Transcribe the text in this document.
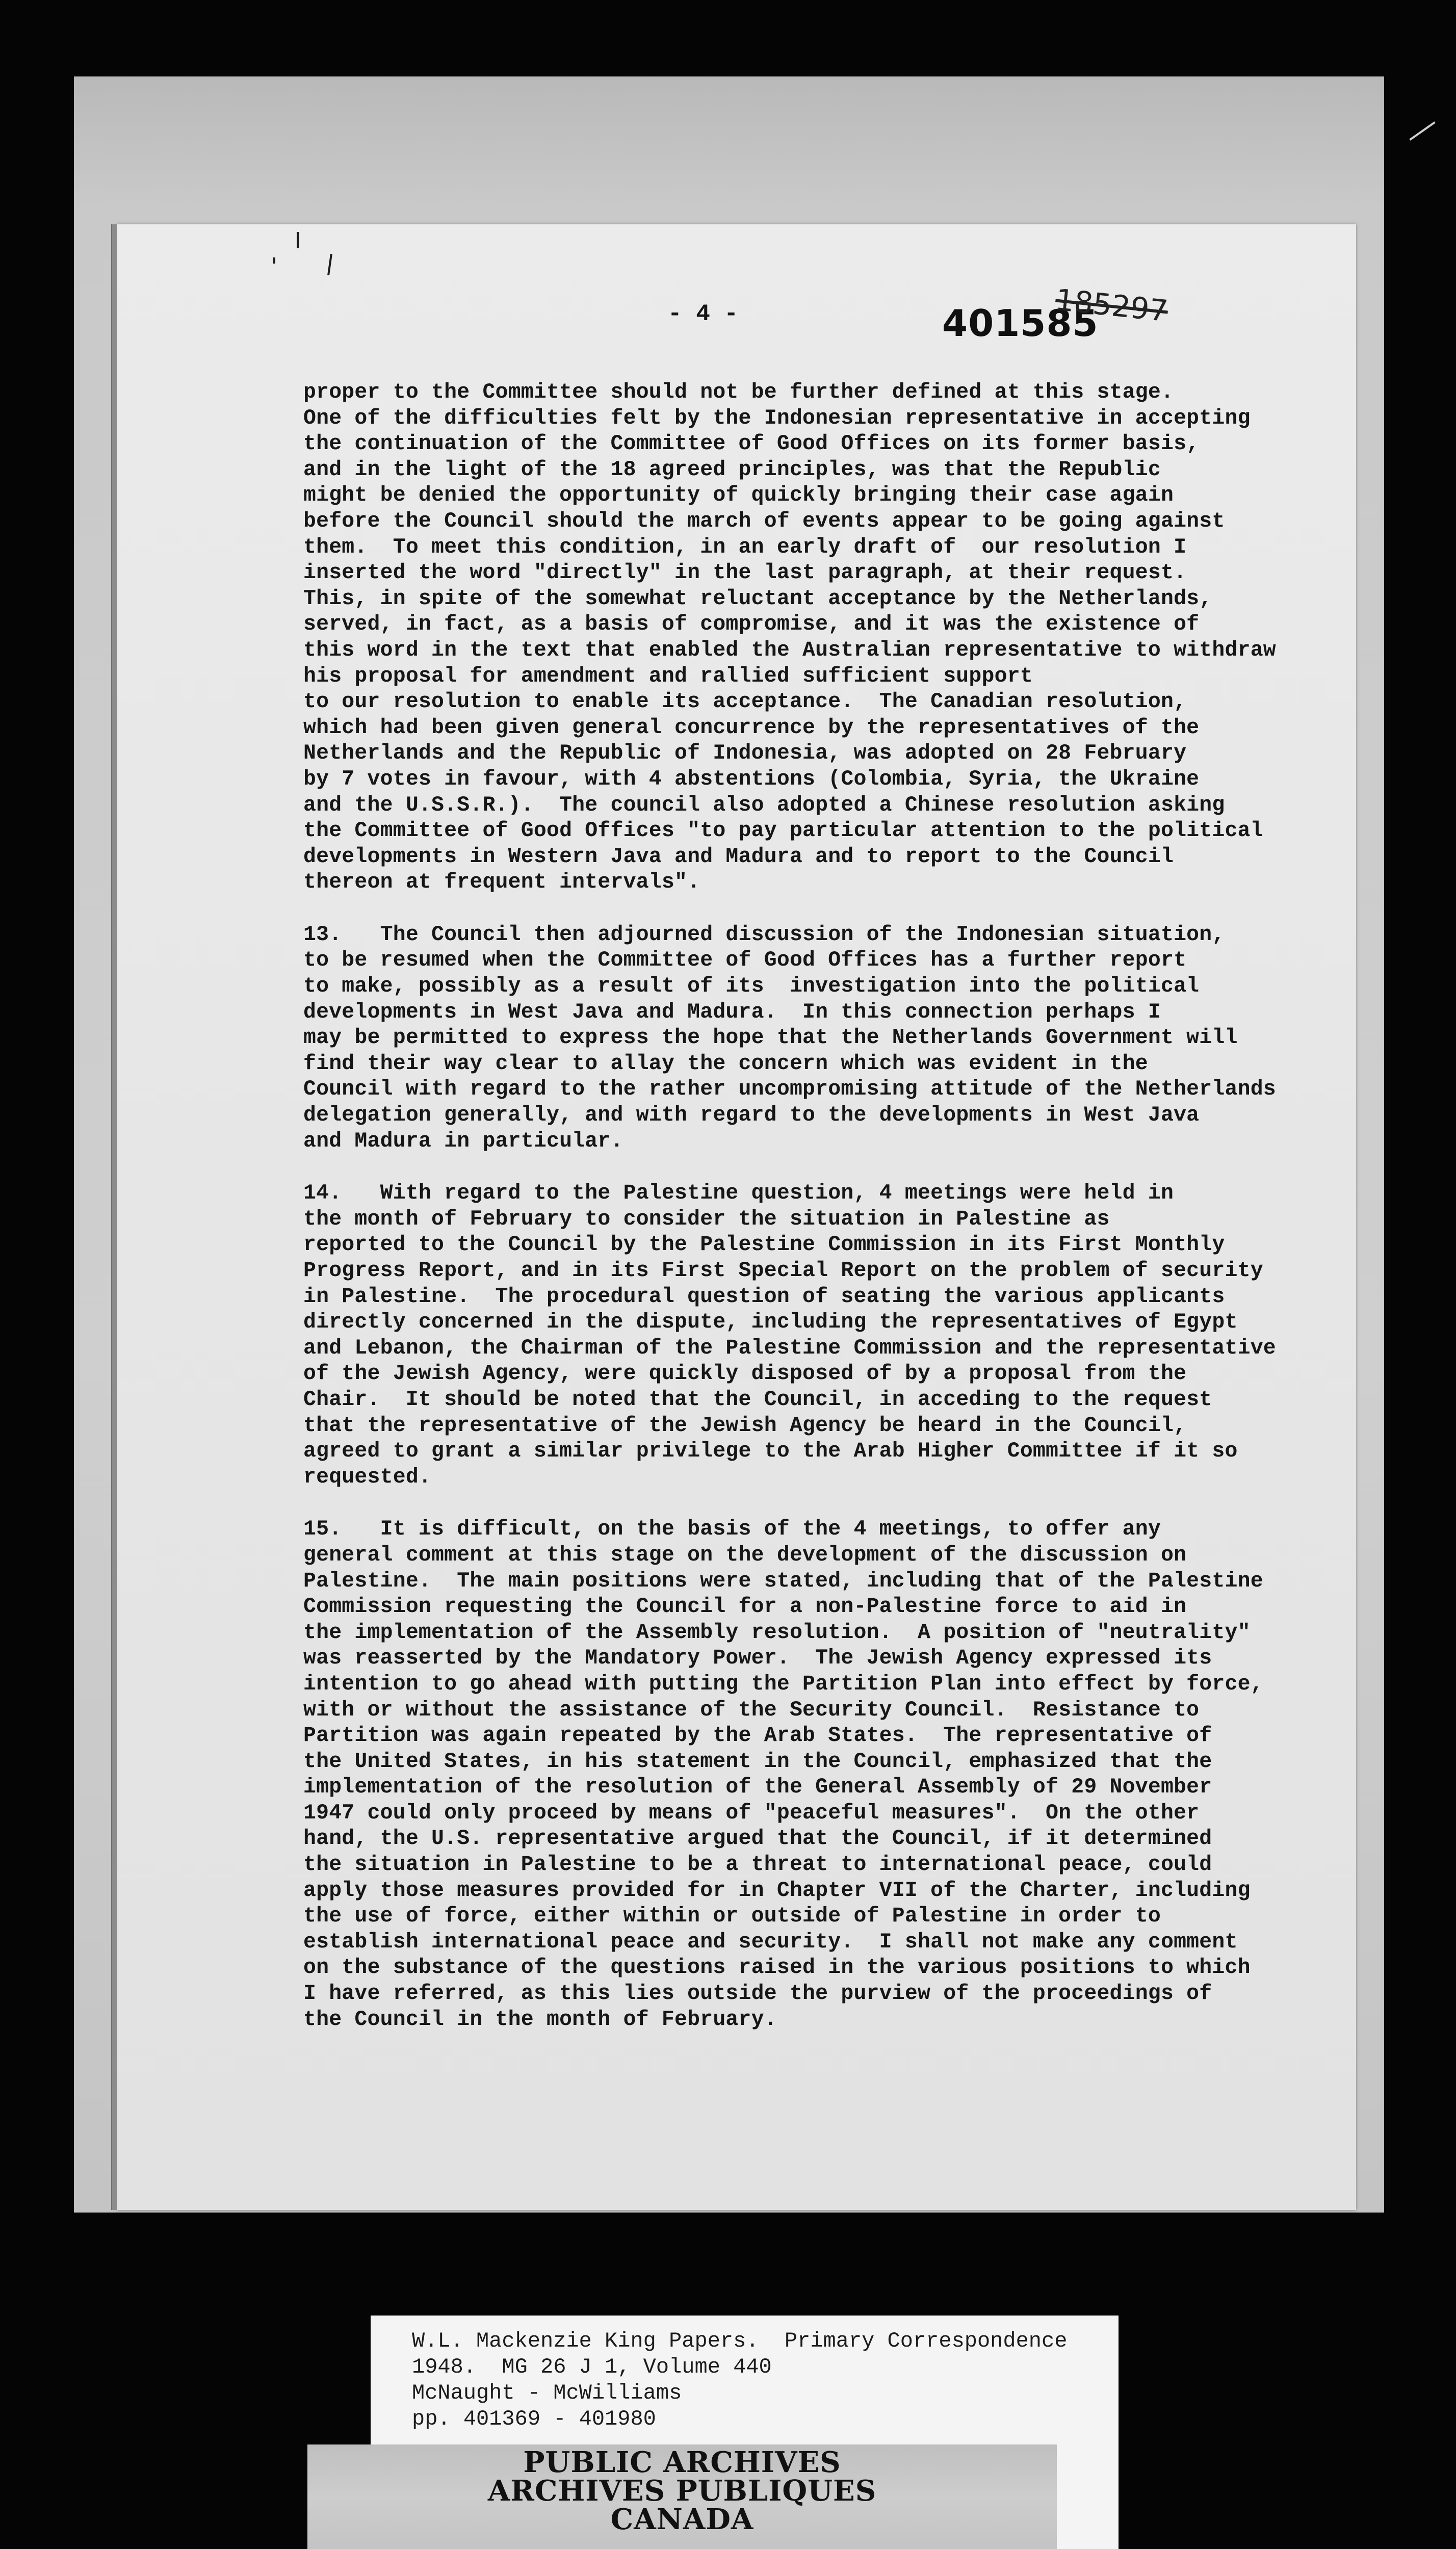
- 4 -	401585
185297
proper to the Committee should not be further defined at this stage.
One of the difficulties felt by the Indonesian representative in accepting
the continuation of the Committee of Good Offices on its former basis,
and in the light of the 18 agreed principles, was that the Republic
might be denied the opportunity of quickly bringing their case again
before the Council should the march of events appear to be going against
them.  To meet this condition, in an early draft of  our resolution I
inserted the word "directly" in the last paragraph, at their request.
This, in spite of the somewhat reluctant acceptance by the Netherlands,
served, in fact, as a basis of compromise, and it was the existence of
this word in the text that enabled the Australian representative to withdraw
his proposal for amendment and rallied sufficient support
to our resolution to enable its acceptance.  The Canadian resolution,
which had been given general concurrence by the representatives of the
Netherlands and the Republic of Indonesia, was adopted on 28 February
by 7 votes in favour, with 4 abstentions (Colombia, Syria, the Ukraine
and the U.S.S.R.).  The council also adopted a Chinese resolution asking
the Committee of Good Offices "to pay particular attention to the political
developments in Western Java and Madura and to report to the Council
thereon at frequent intervals".
13.   The Council then adjourned discussion of the Indonesian situation,
to be resumed when the Committee of Good Offices has a further report
to make, possibly as a result of its  investigation into the political
developments in West Java and Madura.  In this connection perhaps I
may be permitted to express the hope that the Netherlands Government will
find their way clear to allay the concern which was evident in the
Council with regard to the rather uncompromising attitude of the Netherlands
delegation generally, and with regard to the developments in West Java
and Madura in particular.
14.   With regard to the Palestine question, 4 meetings were held in
the month of February to consider the situation in Palestine as
reported to the Council by the Palestine Commission in its First Monthly
Progress Report, and in its First Special Report on the problem of security
in Palestine.  The procedural question of seating the various applicants
directly concerned in the dispute, including the representatives of Egypt
and Lebanon, the Chairman of the Palestine Commission and the representative
of the Jewish Agency, were quickly disposed of by a proposal from the
Chair.  It should be noted that the Council, in acceding to the request
that the representative of the Jewish Agency be heard in the Council,
agreed to grant a similar privilege to the Arab Higher Committee if it so
requested.
15.   It is difficult, on the basis of the 4 meetings, to offer any
general comment at this stage on the development of the discussion on
Palestine.  The main positions were stated, including that of the Palestine
Commission requesting the Council for a non-Palestine force to aid in
the implementation of the Assembly resolution.  A position of "neutrality"
was reasserted by the Mandatory Power.  The Jewish Agency expressed its
intention to go ahead with putting the Partition Plan into effect by force,
with or without the assistance of the Security Council.  Resistance to
Partition was again repeated by the Arab States.  The representative of
the United States, in his statement in the Council, emphasized that the
implementation of the resolution of the General Assembly of 29 November
1947 could only proceed by means of "peaceful measures".  On the other
hand, the U.S. representative argued that the Council, if it determined
the situation in Palestine to be a threat to international peace, could
apply those measures provided for in Chapter VII of the Charter, including
the use of force, either within or outside of Palestine in order to
establish international peace and security.  I shall not make any comment
on the substance of the questions raised in the various positions to which
I have referred, as this lies outside the purview of the proceedings of
the Council in the month of February.
W.L. Mackenzie King Papers.  Primary Correspondence
1948.  MG 26 J 1, Volume 440
McNaught - McWilliams
pp. 401369 - 401980
PUBLIC ARCHIVES
ARCHIVES PUBLIQUES
CANADA
